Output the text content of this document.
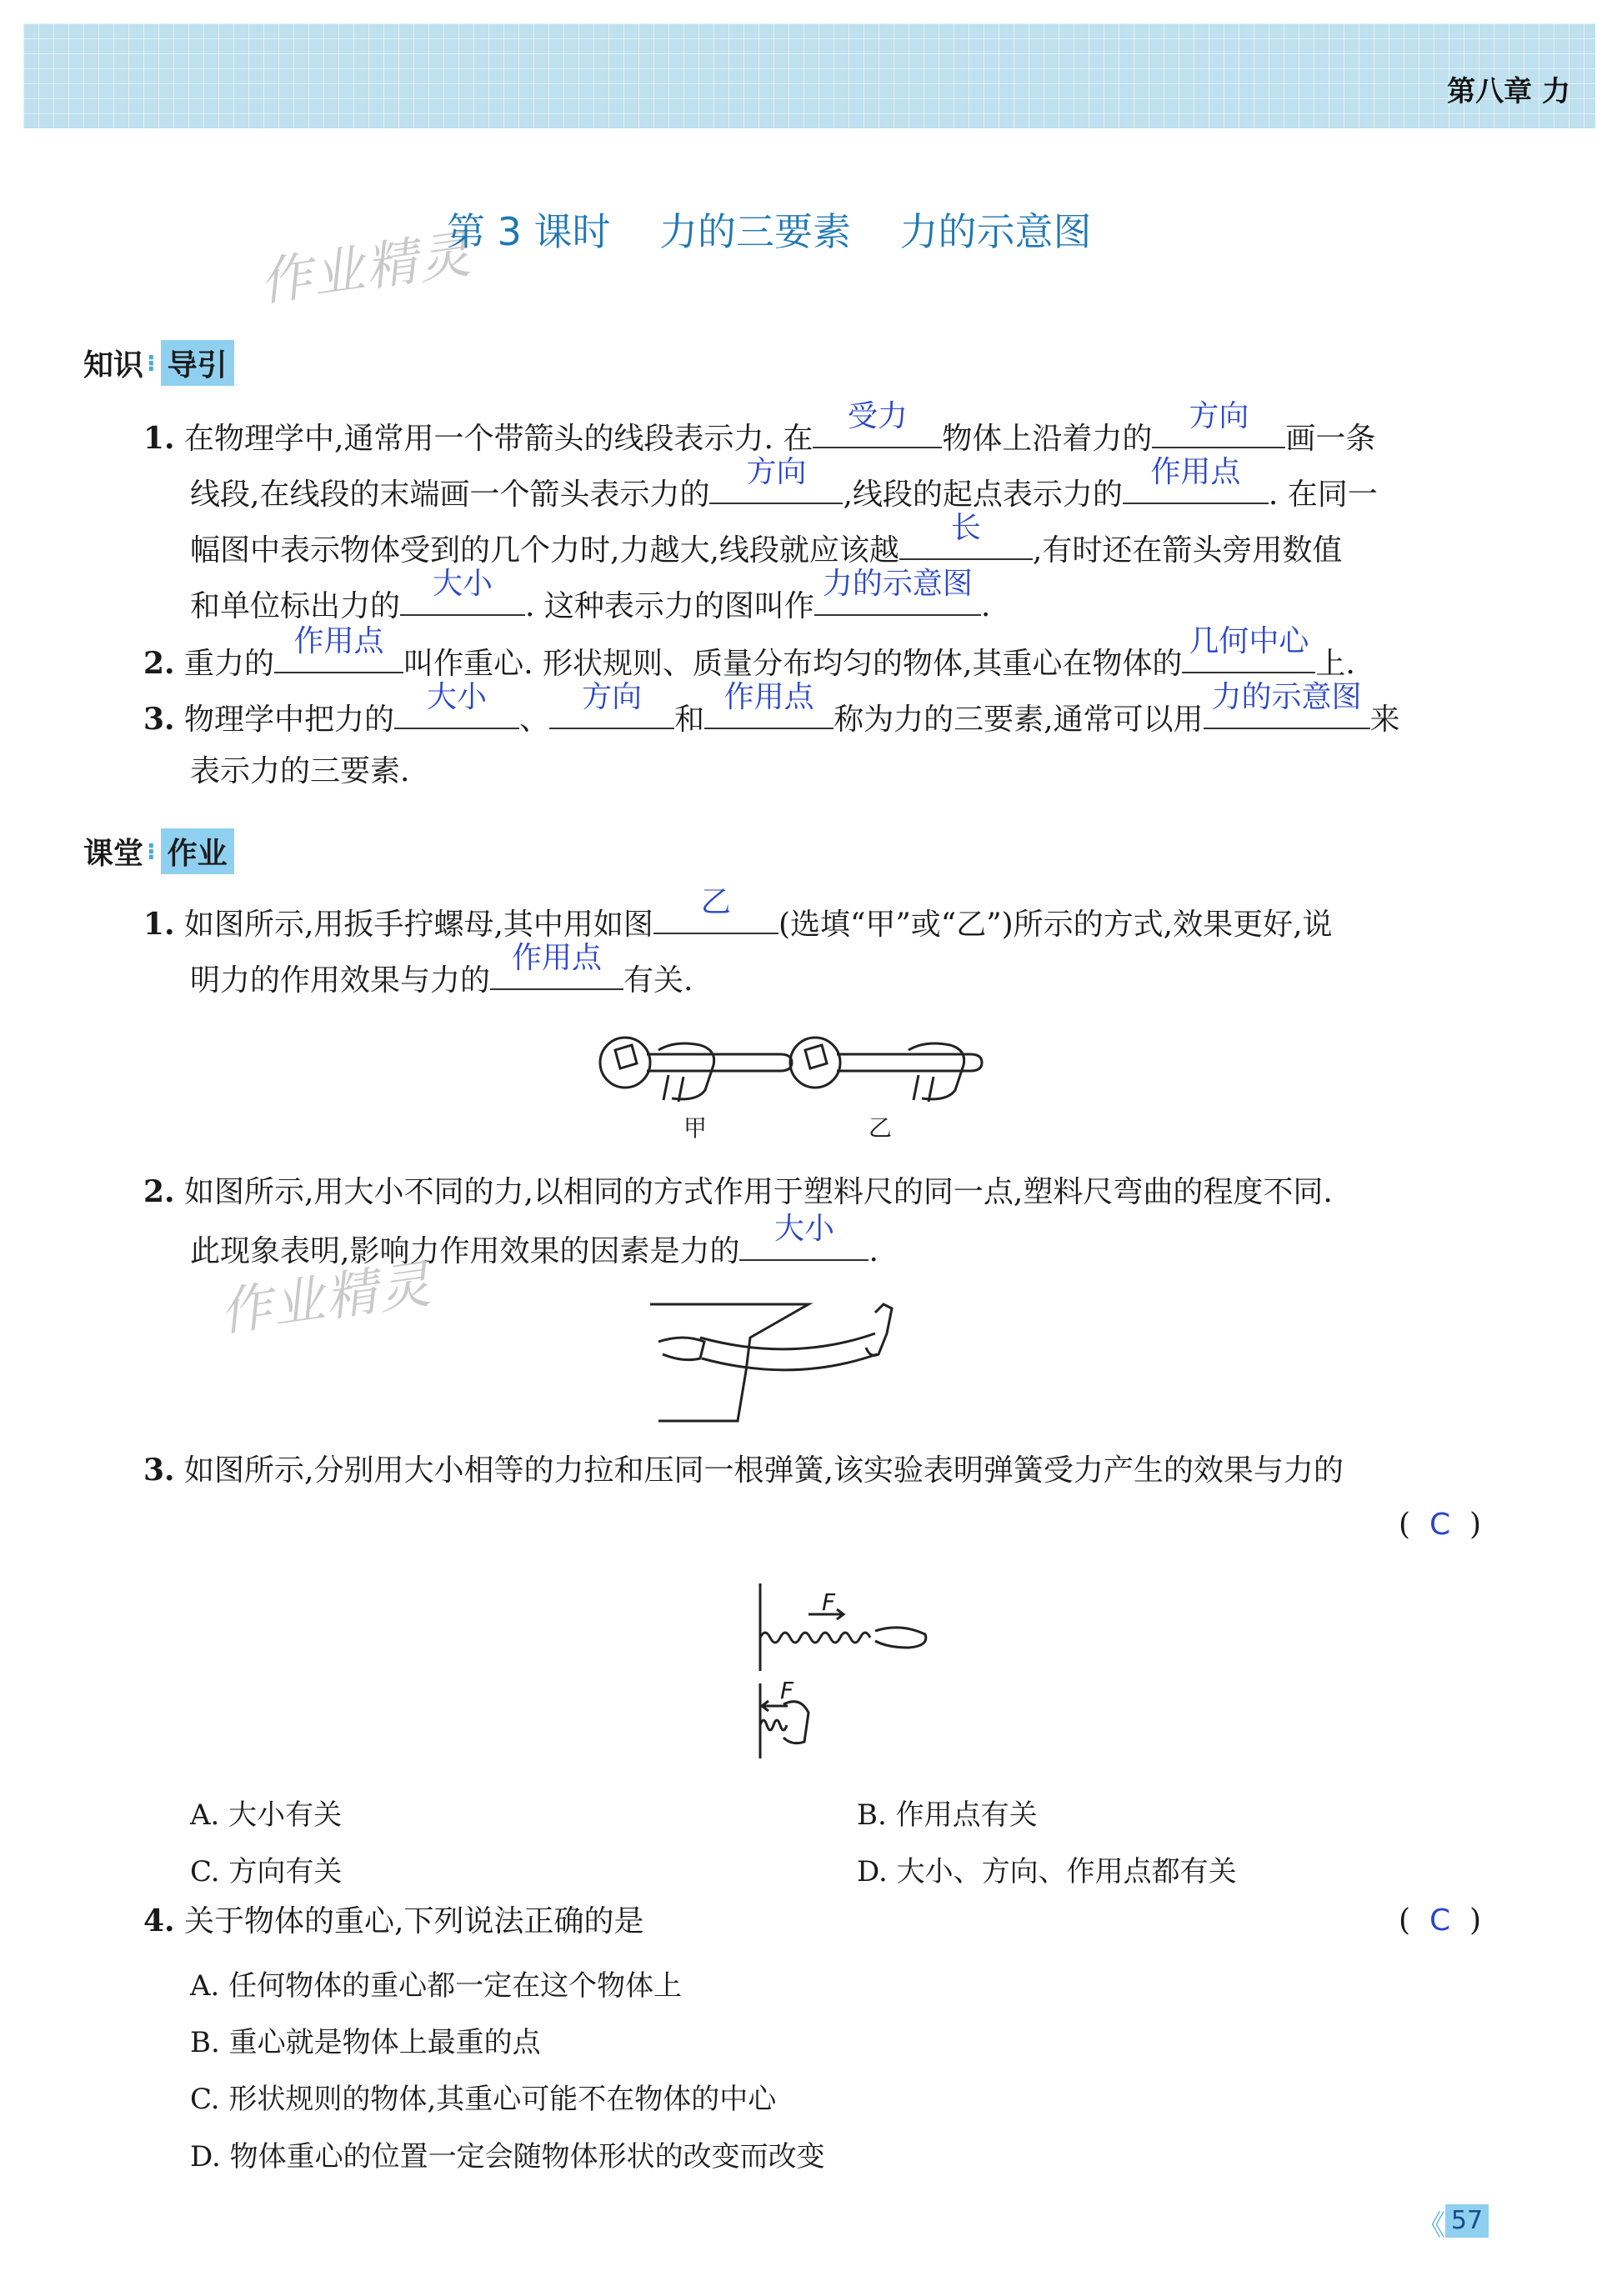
第八章 力
作业精灵
作业精灵
第 3 课时    力的三要素    力的示意图
知识 ⁝ 导引
1. 在物理学中,通常用一个带箭头的线段表示力. 在
受力
物体上沿着力的
方向
画一条
线段,在线段的末端画一个箭头表示力的
方向
,线段的起点表示力的
作用点
. 在同一
幅图中表示物体受到的几个力时,力越大,线段就应该越
长
,有时还在箭头旁用数值
和单位标出力的
大小
. 这种表示力的图叫作
力的示意图
.
2. 重力的
作用点
叫作重心. 形状规则、质量分布均匀的物体,其重心在物体的
几何中心
上.
3. 物理学中把力的
大小
、
方向
和
作用点
称为力的三要素,通常可以用
力的示意图
来
表示力的三要素.
课堂 ⁝ 作业
1. 如图所示,用扳手拧螺母,其中用如图
乙
(选填“甲”或“乙”)所示的方式,效果更好,说
明力的作用效果与力的
作用点
有关.
甲	乙
2. 如图所示,用大小不同的力,以相同的方式作用于塑料尺的同一点,塑料尺弯曲的程度不同.
此现象表明,影响力作用效果的因素是力的
大小
.
3. 如图所示,分别用大小相等的力拉和压同一根弹簧,该实验表明弹簧受力产生的效果与力的
( C )
F
F
A. 大小有关	B. 作用点有关
C. 方向有关	D. 大小、方向、作用点都有关
4. 关于物体的重心,下列说法正确的是	( C )
A. 任何物体的重心都一定在这个物体上
B. 重心就是物体上最重的点
C. 形状规则的物体,其重心可能不在物体的中心
D. 物体重心的位置一定会随物体形状的改变而改变
《 57
